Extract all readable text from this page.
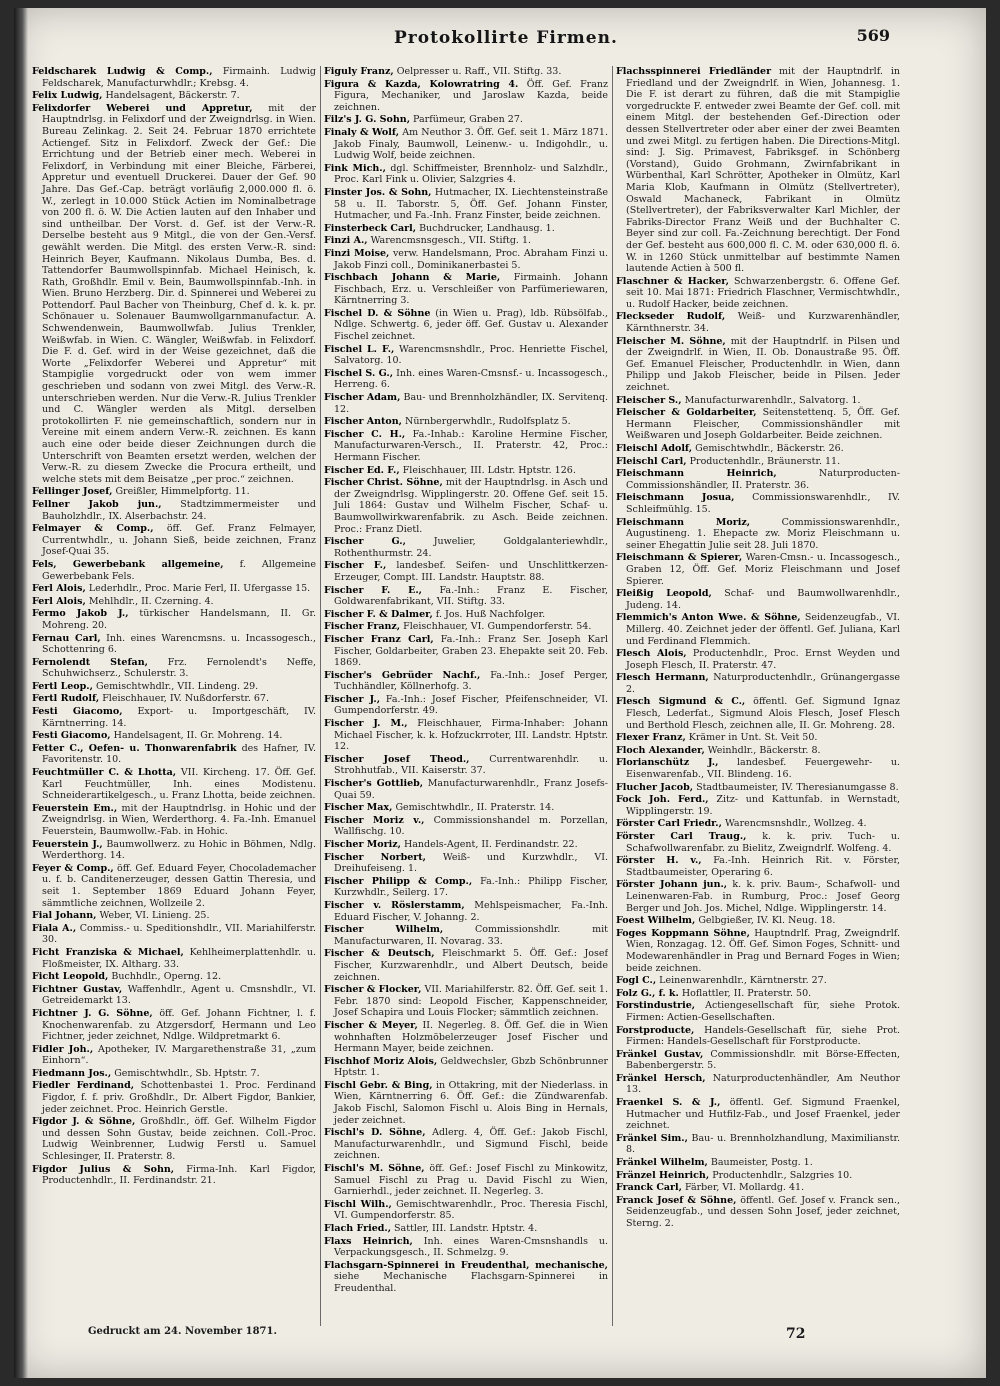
Protokollirte Firmen.	569

Feldscharek Ludwig & Comp., Firmainh. Ludwig Feldscharek, Manufacturwhdlr.; Krebsg. 4.

Felix Ludwig, Handelsagent, Bäckerstr. 7.

Felixdorfer Weberei und Appretur, mit der Hauptndrlsg. in Felixdorf und der Zweigndrlsg. in Wien. Bureau Zelinkag. 2. Seit 24. Februar 1870 errichtete Actiengef. Sitz in Felixdorf. Zweck der Gef.: Die Errichtung und der Betrieb einer mech. Weberei in Felixdorf, in Verbindung mit einer Bleiche, Färberei, Appretur und eventuell Druckerei. Dauer der Gef. 90 Jahre. Das Gef.-Cap. beträgt vorläufig 2,000.000 fl. ö. W., zerlegt in 10.000 Stück Actien im Nominalbetrage von 200 fl. ö. W. Die Actien lauten auf den Inhaber und sind untheilbar. Der Vorst. d. Gef. ist der Verw.-R. Derselbe besteht aus 9 Mitgl., die von der Gen.-Versf. gewählt werden. Die Mitgl. des ersten Verw.-R. sind: Heinrich Beyer, Kaufmann. Nikolaus Dumba, Bes. d. Tattendorfer Baumwollspinnfab. Michael Heinisch, k. Rath, Großhdlr. Emil v. Bein, Baumwollspinnfab.-Inh. in Wien. Bruno Herzberg. Dir. d. Spinnerei und Weberei zu Pottendorf. Paul Bacher von Theinburg, Chef d. k. k. pr. Schönauer u. Solenauer Baumwollgarnmanufactur. A. Schwendenwein, Baumwollwfab. Julius Trenkler, Weißwfab. in Wien. C. Wängler, Weißwfab. in Felixdorf. Die F. d. Gef. wird in der Weise gezeichnet, daß die Worte „Felixdorfer Weberei und Appretur“ mit Stampiglie vorgedruckt oder von wem immer geschrieben und sodann von zwei Mitgl. des Verw.-R. unterschrieben werden. Nur die Verw.-R. Julius Trenkler und C. Wängler werden als Mitgl. derselben protokollirten F. nie gemeinschaftlich, sondern nur in Vereine mit einem andern Verw.-R. zeichnen. Es kann auch eine oder beide dieser Zeichnungen durch die Unterschrift von Beamten ersetzt werden, welchen der Verw.-R. zu diesem Zwecke die Procura ertheilt, und welche stets mit dem Beisatze „per proc.“ zeichnen.

Fellinger Josef, Greißler, Himmelpfortg. 11.

Fellner Jakob jun., Stadtzimmermeister und Bauholzhdlr., IX. Alserbachstr. 24.

Felmayer & Comp., öff. Gef. Franz Felmayer, Currentwhdlr., u. Johann Sieß, beide zeichnen, Franz Josef-Quai 35.

Fels, Gewerbebank allgemeine, f. Allgemeine Gewerbebank Fels.

Ferl Alois, Lederhdlr., Proc. Marie Ferl, II. Ufergasse 15.

Ferl Alois, Mehlhdlr., II. Czerning. 4.

Fermo Jakob J., türkischer Handelsmann, II. Gr. Mohreng. 20.

Fernau Carl, Inh. eines Warencmsns. u. Incassogesch., Schottenring 6.

Fernolendt Stefan, Frz. Fernolendt's Neffe, Schuhwichserz., Schulerstr. 3.

Fertl Leop., Gemischtwhdlr., VII. Lindeng. 29.

Fertl Rudolf, Fleischhauer, IV. Nußdorferstr. 67.

Festi Giacomo, Export- u. Importgeschäft, IV. Kärntnerring. 14.

Festi Giacomo, Handelsagent, II. Gr. Mohreng. 14.

Fetter C., Oefen- u. Thonwarenfabrik des Hafner, IV. Favoritenstr. 10.

Feuchtmüller C. & Lhotta, VII. Kircheng. 17. Öff. Gef. Karl Feuchtmüller, Inh. eines Modistenu. Schneiderartikelgesch., u. Franz Lhotta, beide zeichnen.

Feuerstein Em., mit der Hauptndrlsg. in Hohic und der Zweigndrlsg. in Wien, Werderthorg. 4. Fa.-Inh. Emanuel Feuerstein, Baumwollw.-Fab. in Hohic.

Feuerstein J., Baumwollwerz. zu Hohic in Böhmen, Ndlg. Werderthorg. 14.

Feyer & Comp., öff. Gef. Eduard Feyer, Chocolademacher u. f. b. Canditenerzeuger, dessen Gattin Theresia, und seit 1. September 1869 Eduard Johann Feyer, sämmtliche zeichnen, Wollzeile 2.

Fial Johann, Weber, VI. Linieng. 25.

Fiala A., Commiss.- u. Speditionshdlr., VII. Mariahilferstr. 30.

Ficht Franziska & Michael, Kehlheimerplattenhdlr. u. Floßmeister, IX. Altharg. 33.

Ficht Leopold, Buchhdlr., Operng. 12.

Fichtner Gustav, Waffenhdlr., Agent u. Cmsnshdlr., VI. Getreidemarkt 13.

Fichtner J. G. Söhne, öff. Gef. Johann Fichtner, l. f. Knochenwarenfab. zu Atzgersdorf, Hermann und Leo Fichtner, jeder zeichnet, Ndlge. Wildpretmarkt 6.

Fidler Joh., Apotheker, IV. Margarethenstraße 31, „zum Einhorn“.

Fiedmann Jos., Gemischtwhdlr., Sb. Hptstr. 7.

Fiedler Ferdinand, Schottenbastei 1. Proc. Ferdinand Figdor, f. f. priv. Großhdlr., Dr. Albert Figdor, Bankier, jeder zeichnet. Proc. Heinrich Gerstle.

Figdor J. & Söhne, Großhdlr., öff. Gef. Wilhelm Figdor und dessen Sohn Gustav, beide zeichnen. Coll.-Proc. Ludwig Weinbrenner, Ludwig Ferstl u. Samuel Schlesinger, II. Praterstr. 8.

Figdor Julius & Sohn, Firma-Inh. Karl Figdor, Productenhdlr., II. Ferdinandstr. 21.

Figuly Franz, Oelpresser u. Raff., VII. Stiftg. 33.

Figura & Kazda, Kolowratring 4. Öff. Gef. Franz Figura, Mechaniker, und Jaroslaw Kazda, beide zeichnen.

Filz's J. G. Sohn, Parfümeur, Graben 27.

Finaly & Wolf, Am Neuthor 3. Öff. Gef. seit 1. März 1871. Jakob Finaly, Baumwoll, Leinenw.- u. Indigohdlr., u. Ludwig Wolf, beide zeichnen.

Fink Mich., dgl. Schiffmeister, Brennholz- und Salzhdlr., Proc. Karl Fink u. Olivier, Salzgries 4.

Finster Jos. & Sohn, Hutmacher, IX. Liechtensteinstraße 58 u. II. Taborstr. 5, Öff. Gef. Johann Finster, Hutmacher, und Fa.-Inh. Franz Finster, beide zeichnen.

Finsterbeck Carl, Buchdrucker, Landhausg. 1.

Finzi A., Warencmsnsgesch., VII. Stiftg. 1.

Finzi Moise, verw. Handelsmann, Proc. Abraham Finzi u. Jakob Finzi coll., Dominikanerbastei 5.

Fischbach Johann & Marie, Firmainh. Johann Fischbach, Erz. u. Verschleißer von Parfümeriewaren, Kärntnerring 3.

Fischel D. & Söhne (in Wien u. Prag), ldb. Rübsölfab., Ndlge. Schwertg. 6, jeder öff. Gef. Gustav u. Alexander Fischel zeichnet.

Fischel L. F., Warencmsnshdlr., Proc. Henriette Fischel, Salvatorg. 10.

Fischel S. G., Inh. eines Waren-Cmsnsf.- u. Incassogesch., Herreng. 6.

Fischer Adam, Bau- und Brennholzhändler, IX. Servitenq. 12.

Fischer Anton, Nürnbergerwhdlr., Rudolfsplatz 5.

Fischer C. H., Fa.-Inhab.: Karoline Hermine Fischer, Manufacturwaren-Versch., II. Praterstr. 42, Proc.: Hermann Fischer.

Fischer Ed. F., Fleischhauer, III. Ldstr. Hptstr. 126.

Fischer Christ. Söhne, mit der Hauptndrlsg. in Asch und der Zweigndrlsg. Wipplingerstr. 20. Offene Gef. seit 15. Juli 1864: Gustav und Wilhelm Fischer, Schaf- u. Baumwollwirkwarenfabrik. zu Asch. Beide zeichnen. Proc.: Franz Dietl.

Fischer G.,	Juwelier, Goldgalanteriewhdlr., Rothenthurmstr. 24.

Fischer F., landesbef. Seifen- und Unschlittkerzen-Erzeuger, Compt. III. Landstr. Hauptstr. 88.

Fischer F. E., Fa.-Inh.: Franz E. Fischer, Goldwarenfabrikant, VII. Stiftg. 33.

Fischer F. & Dalmer, f. Jos. Huß Nachfolger.

Fischer Franz, Fleischhauer, VI. Gumpendorferstr. 54.

Fischer Franz Carl, Fa.-Inh.: Franz Ser. Joseph Karl Fischer, Goldarbeiter, Graben 23. Ehepakte seit 20. Feb. 1869.

Fischer's Gebrüder Nachf., Fa.-Inh.: Josef Perger, Tuchhändler, Köllnerhofg. 3.

Fischer J., Fa.-Inh.: Josef Fischer, Pfeifenschneider, VI. Gumpendorferstr. 49.

Fischer J. M., Fleischhauer, Firma-Inhaber: Johann Michael Fischer, k. k. Hofzuckrroter, III. Landstr. Hptstr. 12.

Fischer Josef Theod., Currentwarenhdlr. u. Strohhutfab., VII. Kaiserstr. 37.

Fischer's Gottlieb, Manufacturwarenhdlr., Franz Josefs-Quai 59.

Fischer Max, Gemischtwhdlr., II. Praterstr. 14.

Fischer Moriz v., Commissionshandel m. Porzellan, Wallfischg. 10.

Fischer Moriz, Handels-Agent, II. Ferdinandstr. 22.

Fischer Norbert, Weiß- und Kurzwhdlr., VI. Dreihufeiseng. 1.

Fischer Philipp & Comp., Fa.-Inh.: Philipp Fischer, Kurzwhdlr., Seilerg. 17.

Fischer v. Röslerstamm, Mehlspeismacher, Fa.-Inh. Eduard Fischer, V. Johanng. 2.

Fischer Wilhelm,	Commissionshdlr. mit Manufacturwaren, II. Novarag. 33.

Fischer & Deutsch, Fleischmarkt 5. Öff. Gef.: Josef Fischer, Kurzwarenhdlr., und Albert Deutsch, beide zeichnen.

Fischer & Flocker, VII. Mariahilferstr. 82. Öff. Gef. seit 1. Febr. 1870 sind: Leopold Fischer, Kappenschneider, Josef Schapira und Louis Flocker; sämmtlich zeichnen.

Fischer & Meyer, II. Negerleg. 8. Öff. Gef. die in Wien wohnhaften Holzmöbelerzeuger Josef Fischer und Hermann Mayer, beide zeichnen.

Fischhof Moriz Alois, Geldwechsler, Gbzb Schönbrunner Hptstr. 1.

Fischl Gebr. & Bing, in Ottakring, mit der Niederlass. in Wien, Kärntnerring 6. Öff. Gef.: die Zündwarenfab. Jakob Fischl, Salomon Fischl u. Alois Bing in Hernals, jeder zeichnet.

Fischl's D. Söhne, Adlerg. 4, Öff. Gef.: Jakob Fischl, Manufacturwarenhdlr., und Sigmund Fischl, beide zeichnen.

Fischl's M. Söhne, öff. Gef.: Josef Fischl zu Minkowitz, Samuel Fischl zu Prag u. David Fischl zu Wien, Garnierhdl., jeder zeichnet. II. Negerleg. 3.

Fischl Wilh., Gemischtwarenhdlr., Proc. Theresia Fischl, VI. Gumpendorferstr. 85.

Flach Fried., Sattler, III. Landstr. Hptstr. 4.

Flaxs Heinrich, Inh. eines Waren-Cmsnshandls u. Verpackungsgesch., II. Schmelzg. 9.

Flachsgarn-Spinnerei in Freudenthal, mechanische, siehe Mechanische Flachsgarn-Spinnerei in Freudenthal.

Flachsspinnerei Friedländer mit der Hauptndrlf. in Friedland und der Zweigndrlf. in Wien, Johannesg. 1. Die F. ist derart zu führen, daß die mit Stampiglie vorgedruckte F. entweder zwei Beamte der Gef. coll. mit einem Mitgl. der bestehenden Gef.-Direction oder dessen Stellvertreter oder aber einer der zwei Beamten und zwei Mitgl. zu fertigen haben. Die Directions-Mitgl. sind: J. Sig. Primavest, Fabriksgef. in Schönberg (Vorstand), Guido Grohmann, Zwirnfabrikant in Würbenthal, Karl Schrötter, Apotheker in Olmütz, Karl Maria Klob, Kaufmann in Olmütz (Stellvertreter), Oswald Machaneck, Fabrikant in Olmütz (Stellvertreter), der Fabriksverwalter Karl Michler, der Fabriks-Director Franz Weiß und der Buchhalter C. Beyer sind zur coll. Fa.-Zeichnung berechtigt. Der Fond der Gef. besteht aus 600,000 fl. C. M. oder 630,000 fl. ö. W. in 1260 Stück unmittelbar auf bestimmte Namen lautende Actien à 500 fl.

Flaschner & Hacker, Schwarzenbergstr. 6. Offene Gef. seit 10. Mai 1871: Friedrich Flaschner, Vermischtwhdlr., u. Rudolf Hacker, beide zeichnen.

Fleckseder Rudolf, Weiß- und Kurzwarenhändler, Kärnthnerstr. 34.

Fleischer M. Söhne, mit der Hauptndrlf. in Pilsen und der Zweigndrlf. in Wien, II. Ob. Donaustraße 95. Öff. Gef. Emanuel Fleischer, Productenhdlr. in Wien, dann Philipp und Jakob Fleischer, beide in Pilsen. Jeder zeichnet.

Fleischer S., Manufacturwarenhdlr., Salvatorg. 1.

Fleischer & Goldarbeiter, Seitenstettenq. 5, Öff. Gef. Hermann Fleischer, Commissionshändler mit Weißwaren und Joseph Goldarbeiter. Beide zeichnen.

Fleischl Adolf, Gemischtwhdlr., Bäckerstr. 26.

Fleischl Carl, Productenhdlr., Bräunerstr. 11.

Fleischmann Heinrich,	Naturproducten-Commissionshändler, II. Praterstr. 36.

Fleischmann Josua, Commissionswarenhdlr., IV. Schleifmühlg. 15.

Fleischmann Moriz,	Commissionswarenhdlr., Augustineng. 1. Ehepacte zw. Moriz Fleischmann u. seiner Ehegattin Julie seit 28. Juli 1870.

Fleischmann & Spierer, Waren-Cmsn.- u. Incassogesch., Graben 12, Öff. Gef. Moriz Fleischmann und Josef Spierer.

Fleißig Leopold, Schaf- und Baumwollwarenhdlr., Judeng. 14.

Flemmich's Anton Wwe. & Söhne, Seidenzeugfab., VI. Millerg. 40. Zeichnet jeder der öffentl. Gef. Juliana, Karl und Ferdinand Flemmich.

Flesch Alois, Productenhdlr., Proc. Ernst Weyden und Joseph Flesch, II. Praterstr. 47.

Flesch Hermann, Naturproductenhdlr., Grünangergasse 2.

Flesch Sigmund & C., öffentl. Gef. Sigmund Ignaz Flesch, Lederfat., Sigmund Alois Flesch, Josef Flesch und Berthold Flesch, zeichnen alle, II. Gr. Mohreng. 28.

Flexer Franz, Krämer in Unt. St. Veit 50.

Floch Alexander, Weinhdlr., Bäckerstr. 8.

Florianschütz J., landesbef. Feuergewehr- u. Eisenwarenfab., VII. Blindeng. 16.

Flucher Jacob, Stadtbaumeister, IV. Theresianumgasse 8.

Fock Joh. Ferd., Zitz- und Kattunfab. in Wernstadt, Wipplingerstr. 19.

Förster Carl Friedr., Warencmsnshdlr., Wollzeg. 4.

Förster Carl Traug., k. k. priv. Tuch- u. Schafwollwarenfabr. zu Bielitz, Zweigndrlf. Wolfeng. 4.

Förster H. v., Fa.-Inh. Heinrich Rit. v. Förster, Stadtbaumeister, Operaring 6.

Förster Johann jun., k. k. priv. Baum-, Schafwoll- und Leinenwaren-Fab. in Rumburg, Proc.: Josef Georg Berger und Joh. Jos. Michel, Ndlge. Wipplingerstr. 14.

Foest Wilhelm, Gelbgießer, IV. Kl. Neug. 18.

Foges Koppmann Söhne, Hauptndrlf. Prag, Zweigndrlf. Wien, Ronzagag. 12. Öff. Gef. Simon Foges, Schnitt- und Modewarenhändler in Prag und Bernard Foges in Wien; beide zeichnen.

Fogl C., Leinenwarenhdlr., Kärntnerstr. 27.

Folz G., f. k. Hoflattler, II. Praterstr. 50.

Forstindustrie, Actiengesellschaft für, siehe Protok. Firmen: Actien-Gesellschaften.

Forstproducte, Handels-Gesellschaft für, siehe Prot. Firmen: Handels-Gesellschaft für Forstproducte.

Fränkel Gustav, Commissionshdlr. mit Börse-Effecten, Babenbergerstr. 5.

Fränkel Hersch, Naturproductenhändler, Am Neuthor 13.

Fraenkel S. & J., öffentl. Gef. Sigmund Fraenkel, Hutmacher und Hutfilz-Fab., und Josef Fraenkel, jeder zeichnet.

Fränkel Sim., Bau- u. Brennholzhandlung, Maximilianstr. 8.

Fränkel Wilhelm, Baumeister, Postg. 1.

Fränzel Heinrich, Productenhdlr., Salzgries 10.

Franck Carl, Färber, VI. Mollardg. 41.

Franck Josef & Söhne, öffentl. Gef. Josef v. Franck sen., Seidenzeugfab., und dessen Sohn Josef, jeder zeichnet, Sterng. 2.

Gedruckt am 24. November 1871.	72
